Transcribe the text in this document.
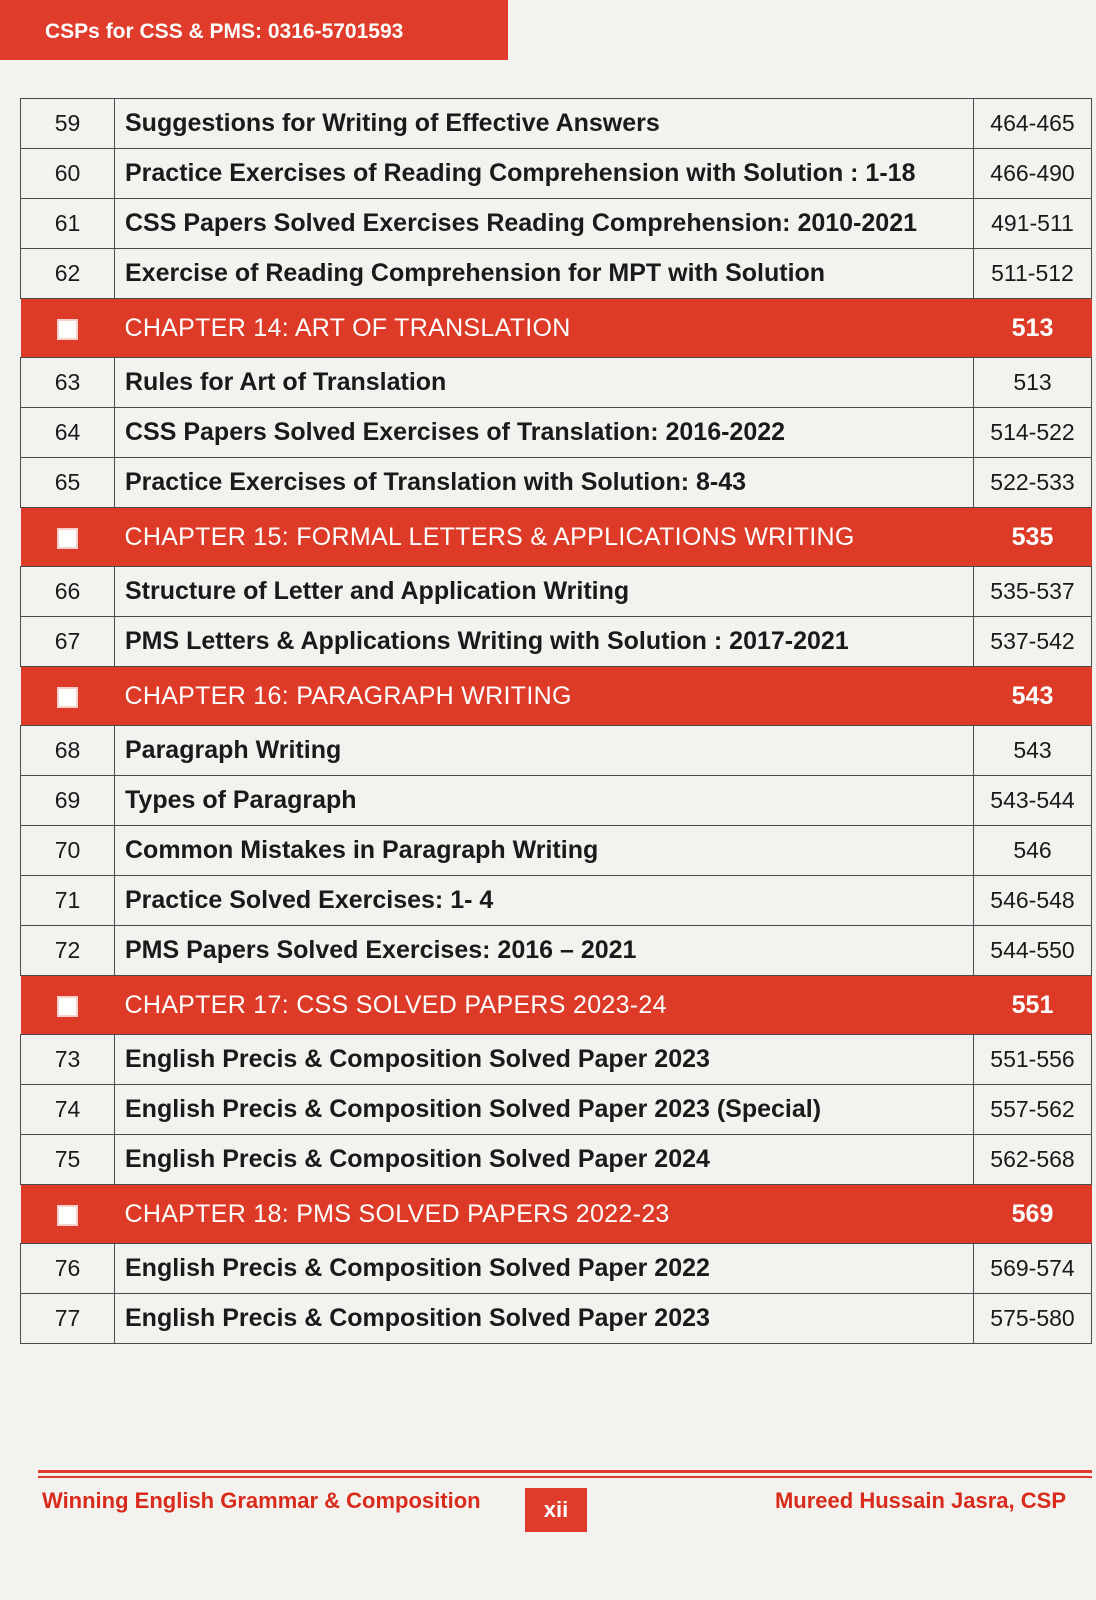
CSPs for CSS & PMS: 0316-5701593
59	Suggestions for Writing of Effective Answers	464-465
60	Practice Exercises of Reading Comprehension with Solution : 1-18	466-490
61	CSS Papers Solved Exercises Reading Comprehension: 2010-2021	491-511
62	Exercise of Reading Comprehension for MPT with Solution	511-512
	CHAPTER 14: ART OF TRANSLATION	513
63	Rules for Art of Translation	513
64	CSS Papers Solved Exercises of Translation: 2016-2022	514-522
65	Practice Exercises of Translation with Solution: 8-43	522-533
	CHAPTER 15: FORMAL LETTERS & APPLICATIONS WRITING	535
66	Structure of Letter and Application Writing	535-537
67	PMS Letters & Applications Writing with Solution : 2017-2021	537-542
	CHAPTER 16: PARAGRAPH WRITING	543
68	Paragraph Writing	543
69	Types of Paragraph	543-544
70	Common Mistakes in Paragraph Writing	546
71	Practice Solved Exercises: 1- 4	546-548
72	PMS Papers Solved Exercises: 2016 – 2021	544-550
	CHAPTER 17: CSS SOLVED PAPERS 2023-24	551
73	English Precis & Composition Solved Paper 2023	551-556
74	English Precis & Composition Solved Paper 2023 (Special)	557-562
75	English Precis & Composition Solved Paper 2024	562-568
	CHAPTER 18: PMS SOLVED PAPERS 2022-23	569
76	English Precis & Composition Solved Paper 2022	569-574
77	English Precis & Composition Solved Paper 2023	575-580
Winning English Grammar & Composition	xii	Mureed Hussain Jasra, CSP
